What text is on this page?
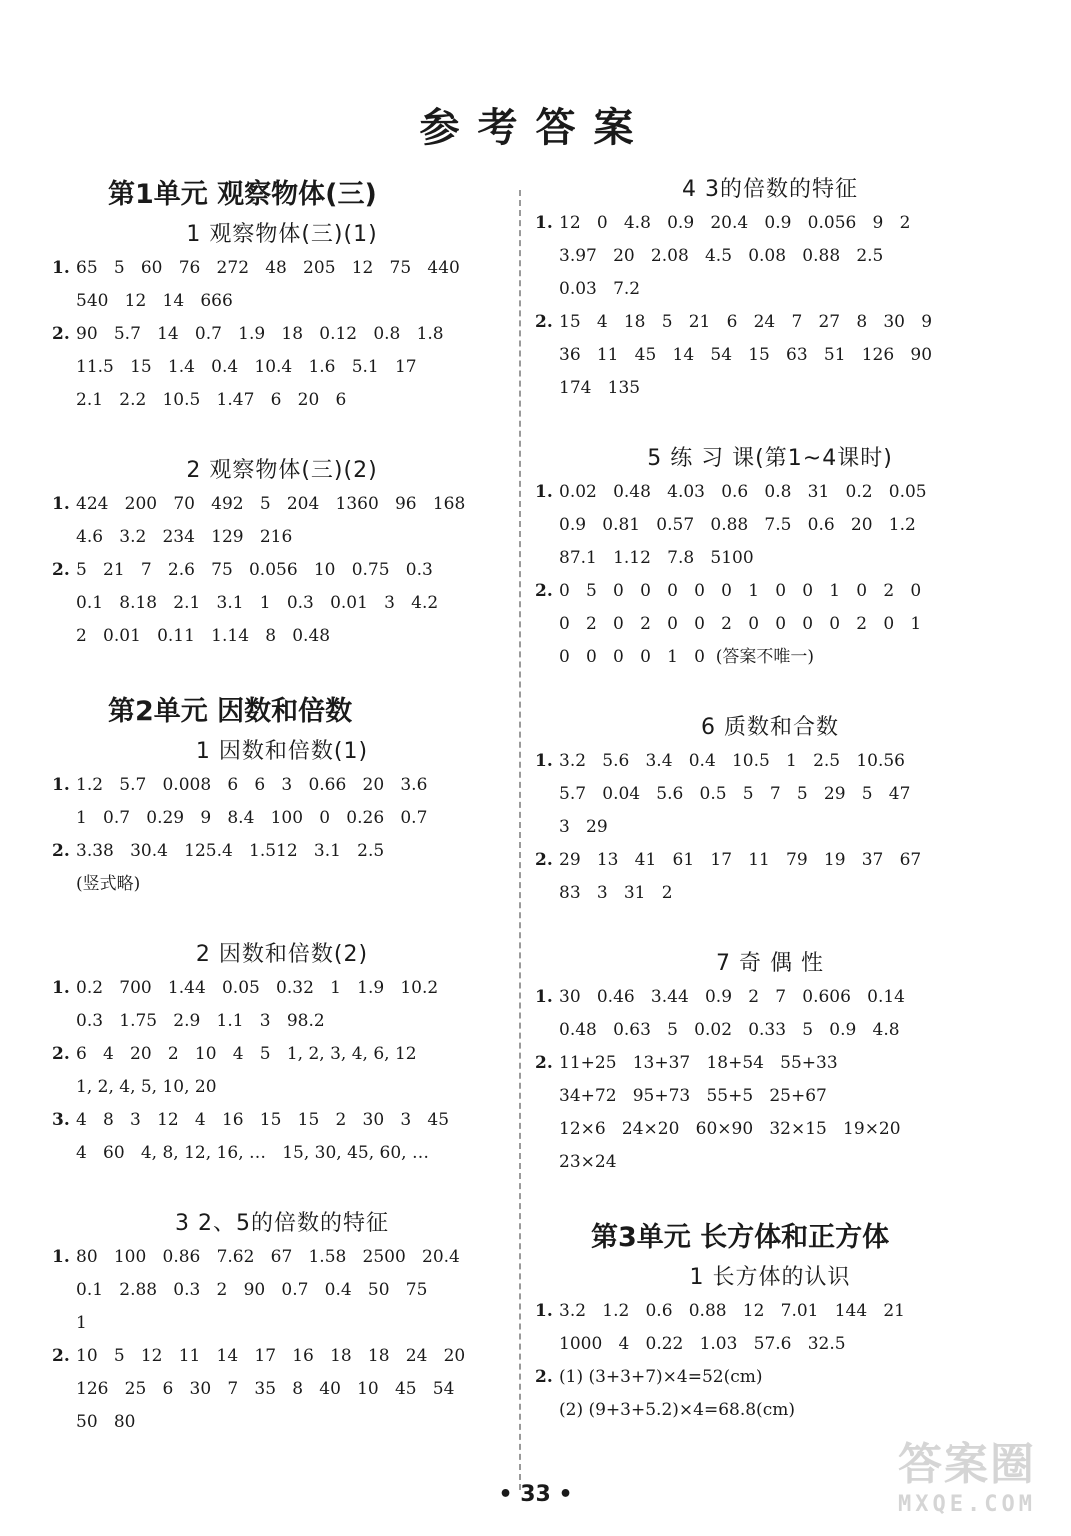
参考答案
第1单元 观察物体(三)
1 观察物体(三)(1)
1. 65   5   60   76   272   48   205   12   75   440
540   12   14   666
2. 90   5.7   14   0.7   1.9   18   0.12   0.8   1.8
11.5   15   1.4   0.4   10.4   1.6   5.1   17
2.1   2.2   10.5   1.47   6   20   6
2 观察物体(三)(2)
1. 424   200   70   492   5   204   1360   96   168
4.6   3.2   234   129   216
2. 5   21   7   2.6   75   0.056   10   0.75   0.3
0.1   8.18   2.1   3.1   1   0.3   0.01   3   4.2
2   0.01   0.11   1.14   8   0.48
第2单元 因数和倍数
1 因数和倍数(1)
1. 1.2   5.7   0.008   6   6   3   0.66   20   3.6
1   0.7   0.29   9   8.4   100   0   0.26   0.7
2. 3.38   30.4   125.4   1.512   3.1   2.5
(竖式略)
2 因数和倍数(2)
1. 0.2   700   1.44   0.05   0.32   1   1.9   10.2
0.3   1.75   2.9   1.1   3   98.2
2. 6   4   20   2   10   4   5   1, 2, 3, 4, 6, 12
1, 2, 4, 5, 10, 20
3. 4   8   3   12   4   16   15   15   2   30   3   45
4   60   4, 8, 12, 16, …   15, 30, 45, 60, …
3 2、5的倍数的特征
1. 80   100   0.86   7.62   67   1.58   2500   20.4
0.1   2.88   0.3   2   90   0.7   0.4   50   75
1
2. 10   5   12   11   14   17   16   18   18   24   20
126   25   6   30   7   35   8   40   10   45   54
50   80
4 3的倍数的特征
1. 12   0   4.8   0.9   20.4   0.9   0.056   9   2
3.97   20   2.08   4.5   0.08   0.88   2.5
0.03   7.2
2. 15   4   18   5   21   6   24   7   27   8   30   9
36   11   45   14   54   15   63   51   126   90
174   135
5 练 习 课(第1~4课时)
1. 0.02   0.48   4.03   0.6   0.8   31   0.2   0.05
0.9   0.81   0.57   0.88   7.5   0.6   20   1.2
87.1   1.12   7.8   5100
2. 0   5   0   0   0   0   0   1   0   0   1   0   2   0
0   2   0   2   0   0   2   0   0   0   0   2   0   1
0   0   0   0   1   0  (答案不唯一)
6 质数和合数
1. 3.2   5.6   3.4   0.4   10.5   1   2.5   10.56
5.7   0.04   5.6   0.5   5   7   5   29   5   47
3   29
2. 29   13   41   61   17   11   79   19   37   67
83   3   31   2
7 奇 偶 性
1. 30   0.46   3.44   0.9   2   7   0.606   0.14
0.48   0.63   5   0.02   0.33   5   0.9   4.8
2. 11+25   13+37   18+54   55+33
34+72   95+73   55+5   25+67
12×6   24×20   60×90   32×15   19×20
23×24
第3单元 长方体和正方体
1 长方体的认识
1. 3.2   1.2   0.6   0.88   12   7.01   144   21
1000   4   0.22   1.03   57.6   32.5
2. (1) (3+3+7)×4=52(cm)
(2) (9+3+5.2)×4=68.8(cm)
• 33 •
答案圈
MXQE.COM
